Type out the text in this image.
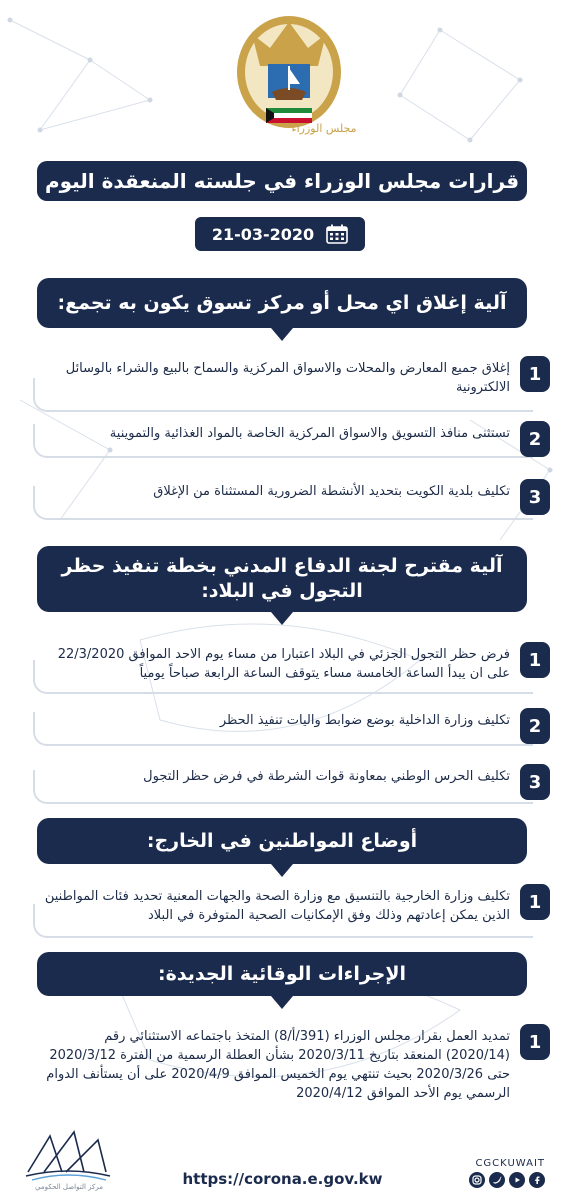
مجلس الوزراء
قرارات مجلس الوزراء في جلسته المنعقدة اليوم
21-03-2020
آلية إغلاق اي محل أو مركز تسوق يكون به تجمع:
1
إغلاق جميع المعارض والمحلات والاسواق المركزية والسماح بالبيع والشراء بالوسائل الالكترونية
2
تستثنى منافذ التسويق والاسواق المركزية الخاصة بالمواد الغذائية والتموينية
3
تكليف بلدية الكويت بتحديد الأنشطة الضرورية المستثناة من الإغلاق
آلية مقترح لجنة الدفاع المدني بخطة تنفيذ حظر التجول في البلاد:
1
فرض حظر التجول الجزئي في البلاد اعتبارا من مساء يوم الاحد الموافق 22/3/2020 على ان يبدأ الساعة الخامسة مساء يتوقف الساعة الرابعة صباحاً يومياً
2
تكليف وزارة الداخلية بوضع ضوابط واليات تنفيذ الحظر
3
تكليف الحرس الوطني بمعاونة قوات الشرطة في فرض حظر التجول
أوضاع المواطنين في الخارج:
1
تكليف وزارة الخارجية بالتنسيق مع وزارة الصحة والجهات المعنية تحديد فئات المواطنين الذين يمكن إعادتهم وذلك وفق الإمكانيات الصحية المتوفرة في البلاد
الإجراءات الوقائية الجديدة:
1
تمديد العمل بقرار مجلس الوزراء (391/أ/8) المتخذ باجتماعه الاستثنائي رقم (2020/14) المنعقد بتاريخ 2020/3/11 بشأن العطلة الرسمية من الفترة 2020/3/12 حتى 2020/3/26 بحيث تنتهي يوم الخميس الموافق 2020/4/9 على أن يستأنف الدوام الرسمي يوم الأحد الموافق 2020/4/12
مركز التواصل الحكومي	https://corona.e.gov.kw
CGCKUWAIT
